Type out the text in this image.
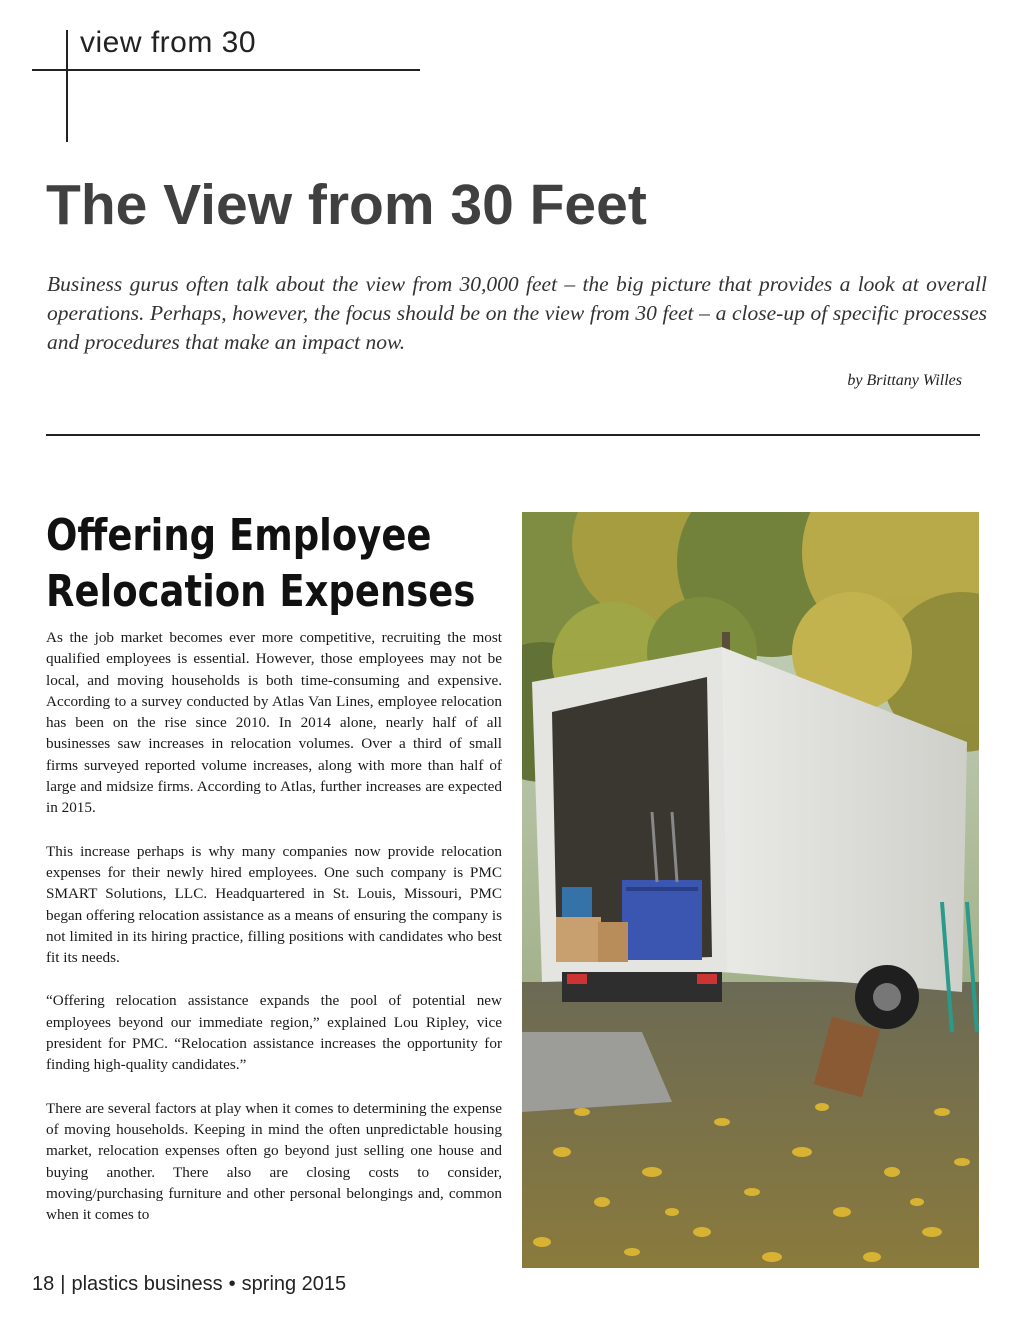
view from 30
The View from 30 Feet

Business gurus often talk about the view from 30,000 feet – the big picture that provides a look at overall operations. Perhaps, however, the focus should be on the view from 30 feet – a close-up of specific processes and procedures that make an impact now.

by Brittany Willes
Offering Employee
Relocation Expenses

As the job market becomes ever more competitive, recruiting the most qualified employees is essential. However, those employees may not be local, and moving households is both time-consuming and expensive. According to a survey conducted by Atlas Van Lines, employee relocation has been on the rise since 2010. In 2014 alone, nearly half of all businesses saw increases in relocation volumes. Over a third of small firms surveyed reported volume increases, along with more than half of large and midsize firms. According to Atlas, further increases are expected in 2015.

This increase perhaps is why many companies now provide relocation expenses for their newly hired employees. One such company is PMC SMART Solutions, LLC. Headquartered in St. Louis, Missouri, PMC began offering relocation assistance as a means of ensuring the company is not limited in its hiring practice, filling positions with candidates who best fit its needs.

“Offering relocation assistance expands the pool of potential new employees beyond our immediate region,” explained Lou Ripley, vice president for PMC. “Relocation assistance increases the opportunity for finding high-quality candidates.”

There are several factors at play when it comes to determining the expense of moving households. Keeping in mind the often unpredictable housing market, relocation expenses often go beyond just selling one house and buying another. There also are closing costs to consider, moving/purchasing furniture and other personal belongings and, common when it comes to

18 | plastics business • spring 2015
